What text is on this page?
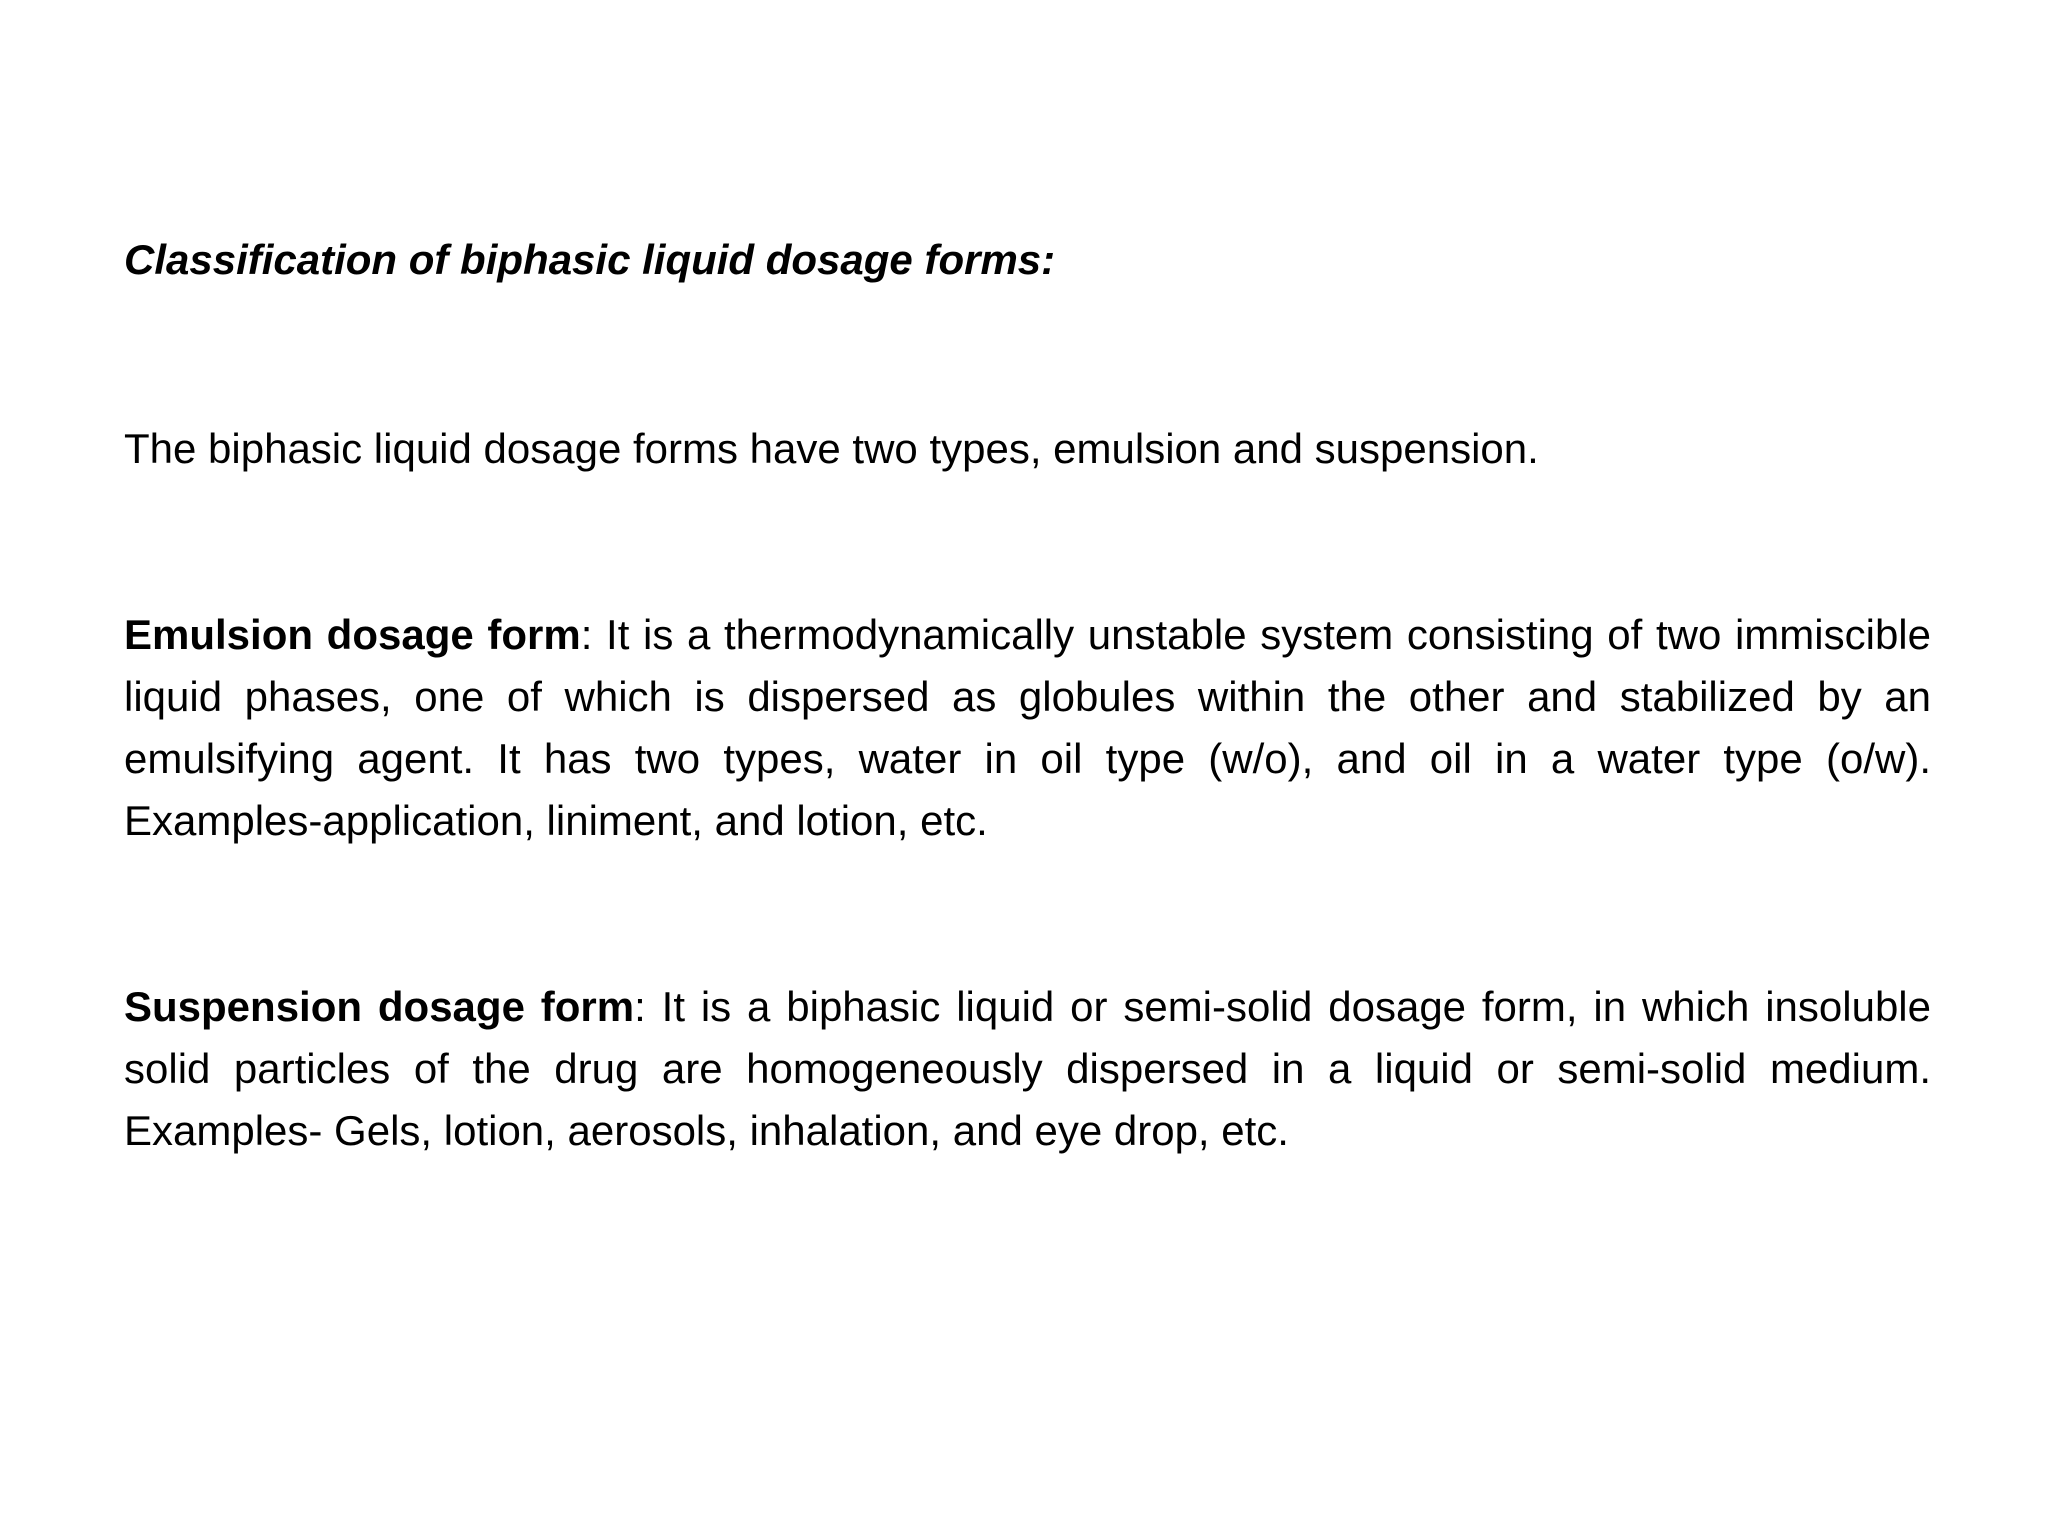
Classification of biphasic liquid dosage forms:

The biphasic liquid dosage forms have two types, emulsion and suspension.

Emulsion dosage form: It is a thermodynamically unstable system consisting of two immiscible liquid phases, one of which is dispersed as globules within the other and stabilized by an emulsifying agent. It has two types, water in oil type (w/o), and oil in a water type (o/w). Examples-application, liniment, and lotion, etc.

Suspension dosage form: It is a biphasic liquid or semi-solid dosage form, in which insoluble solid particles of the drug are homogeneously dispersed in a liquid or semi-solid medium. Examples- Gels, lotion, aerosols, inhalation, and eye drop, etc.
